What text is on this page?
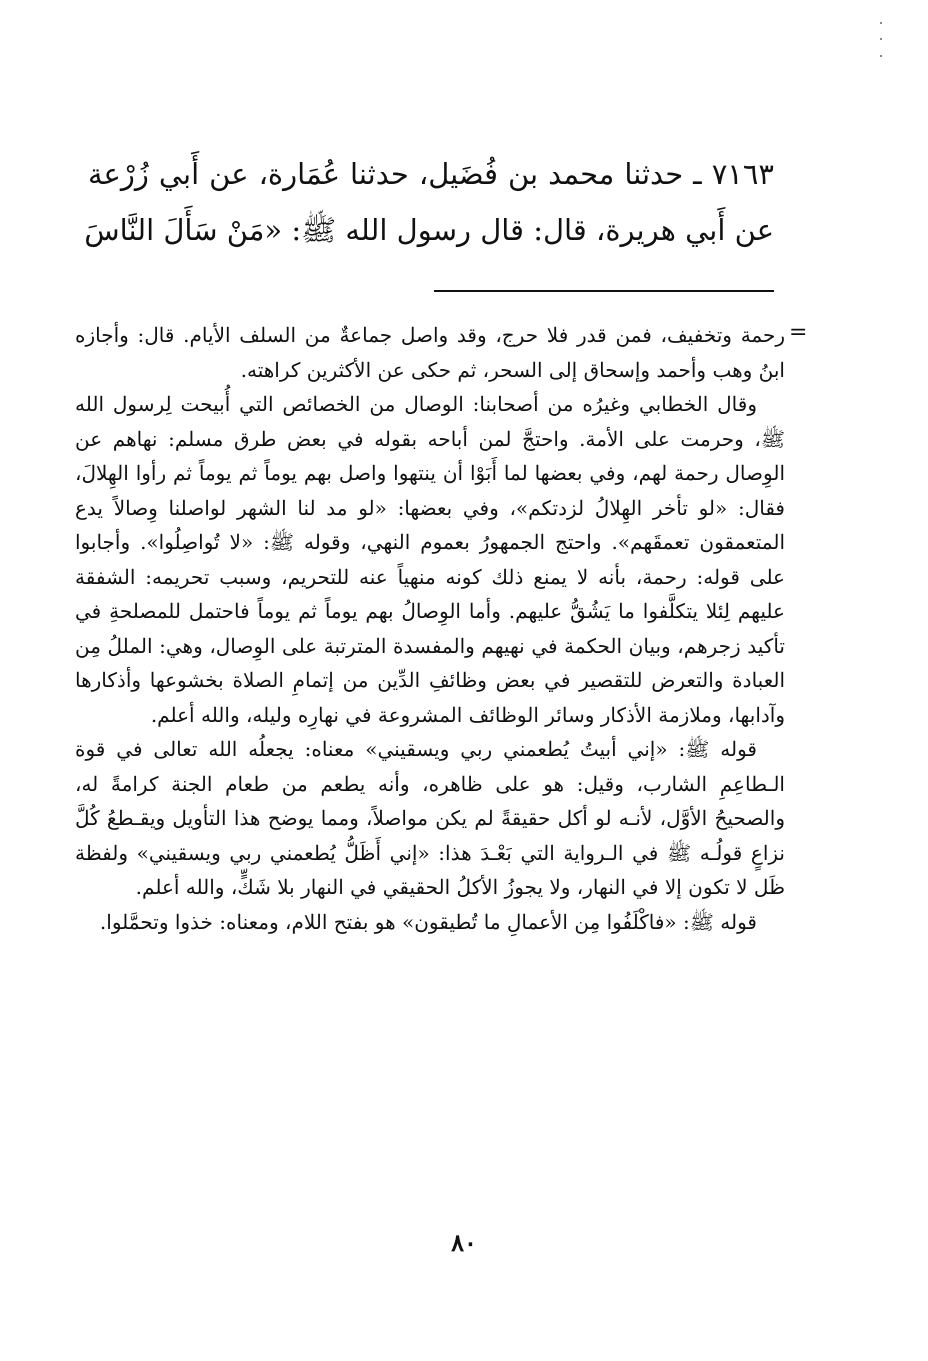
٧١٦٣ ـ حدثنا محمد بن فُضَيل، حدثنا عُمَارة، عن أَبي زُرْعة
عن أَبي هريرة، قال: قال رسول الله ﷺ: «مَنْ سَأَلَ النَّاسَ
=

رحمة وتخفيف، فمن قدر فلا حرج، وقد واصل جماعةٌ من السلف الأيام. قال: وأجازه ابنُ وهب وأحمد وإسحاق إلى السحر، ثم حكى عن الأكثرين كراهته.

وقال الخطابي وغيرُه من أصحابنا: الوصال من الخصائص التي أُبيحت لِرسول الله ﷺ، وحرمت على الأمة. واحتجَّ لمن أباحه بقوله في بعض طرق مسلم: نهاهم عن الوِصال رحمة لهم، وفي بعضها لما أَبَوْا أن ينتهوا واصل بهم يوماً ثم يوماً ثم رأوا الهِلالَ، فقال: «لو تأخر الهِلالُ لزدتكم»، وفي بعضها: «لو مد لنا الشهر لواصلنا وِصالاً يدع المتعمقون تعمقَهم». واحتج الجمهورُ بعموم النهي، وقوله ﷺ: «لا تُواصِلُوا». وأجابوا على قوله: رحمة، بأنه لا يمنع ذلك كونه منهياً عنه للتحريم، وسبب تحريمه: الشفقة عليهم لِئلا يتكلَّفوا ما يَشُقُّ عليهم. وأما الوِصالُ بهم يوماً ثم يوماً فاحتمل للمصلحةِ في تأكيد زجرهم، وبيان الحكمة في نهيهم والمفسدة المترتبة على الوِصال، وهي: المللُ مِن العبادة والتعرض للتقصير في بعض وظائفِ الدِّين من إتمامِ الصلاة بخشوعها وأذكارها وآدابها، وملازمة الأذكار وسائر الوظائف المشروعة في نهارِه وليله، والله أعلم.

قوله ﷺ: «إني أبيتُ يُطعمني ربي ويسقيني» معناه: يجعلُه الله تعالى في قوة الـطاعِمِ الشارب، وقيل: هو على ظاهره، وأنه يطعم من طعام الجنة كرامةً له، والصحيحُ الأوَّل، لأنـه لو أكل حقيقةً لم يكن مواصلاً، ومما يوضح هذا التأويل ويقـطعُ كُلَّ نزاعٍ قولُـه ﷺ في الـرواية التي بَعْـدَ هذا: «إني أَظَلُّ يُطعمني ربي ويسقيني» ولفظة ظَل لا تكون إلا في النهار، ولا يجوزُ الأكلُ الحقيقي في النهار بلا شَكٍّ، والله أعلم.

قوله ﷺ: «فاكْلَفُوا مِن الأعمالِ ما تُطيقون» هو بفتح اللام، ومعناه: خذوا وتحمَّلوا.

٨٠
